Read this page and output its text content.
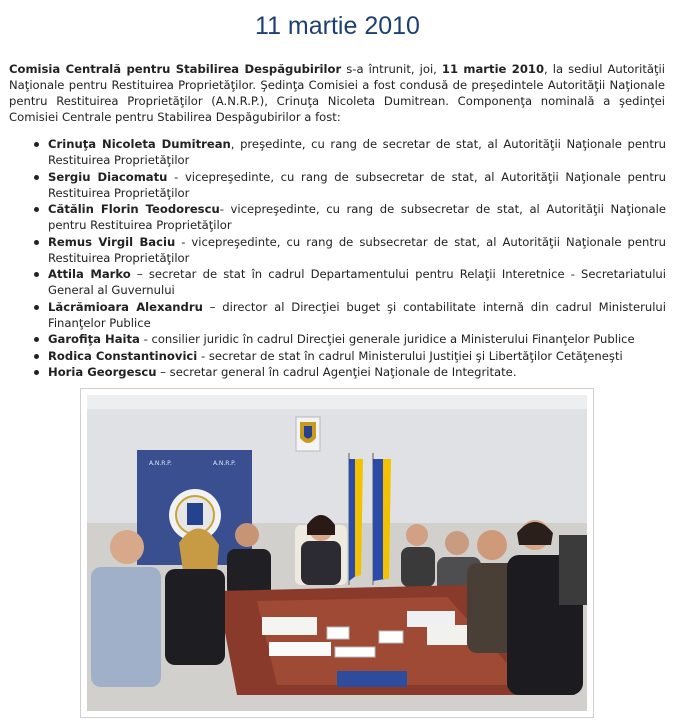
11 martie 2010

Comisia Centrală pentru Stabilirea Despăgubirilor s-a întrunit, joi, 11 martie 2010, la sediul Autorităţii Naţionale pentru Restituirea Proprietăţilor. Şedinţa Comisiei a fost condusă de preşedintele Autorităţii Naţionale pentru Restituirea Proprietăţilor (A.N.R.P.), Crinuţa Nicoleta Dumitrean. Componenţa nominală a şedinţei Comisiei Centrale pentru Stabilirea Despăgubirilor a fost:

Crinuţa Nicoleta Dumitrean, preşedinte, cu rang de secretar de stat, al Autorităţii Naţionale pentru Restituirea Proprietăţilor
Sergiu Diacomatu - vicepreşedinte, cu rang de subsecretar de stat, al Autorităţii Naţionale pentru Restituirea Proprietăţilor
Cătălin Florin Teodorescu- vicepreşedinte, cu rang de subsecretar de stat, al Autorităţii Naţionale pentru Restituirea Proprietăţilor
Remus Virgil Baciu - vicepreşedinte, cu rang de subsecretar de stat, al Autorităţii Naţionale pentru Restituirea Proprietăţilor
Attila Marko – secretar de stat în cadrul Departamentului pentru Relaţii Interetnice - Secretariatului General al Guvernului
Lăcrămioara Alexandru – director al Direcţiei buget şi contabilitate internă din cadrul Ministerului Finanţelor Publice
Garofiţa Haita - consilier juridic în cadrul Direcţiei generale juridice a Ministerului Finanţelor Publice
Rodica Constantinovici - secretar de stat în cadrul Ministerului Justiţiei şi Libertăţilor Cetăţeneşti
Horia Georgescu – secretar general în cadrul Agenţiei Naţionale de Integritate.
A.N.R.P.	A.N.R.P.
